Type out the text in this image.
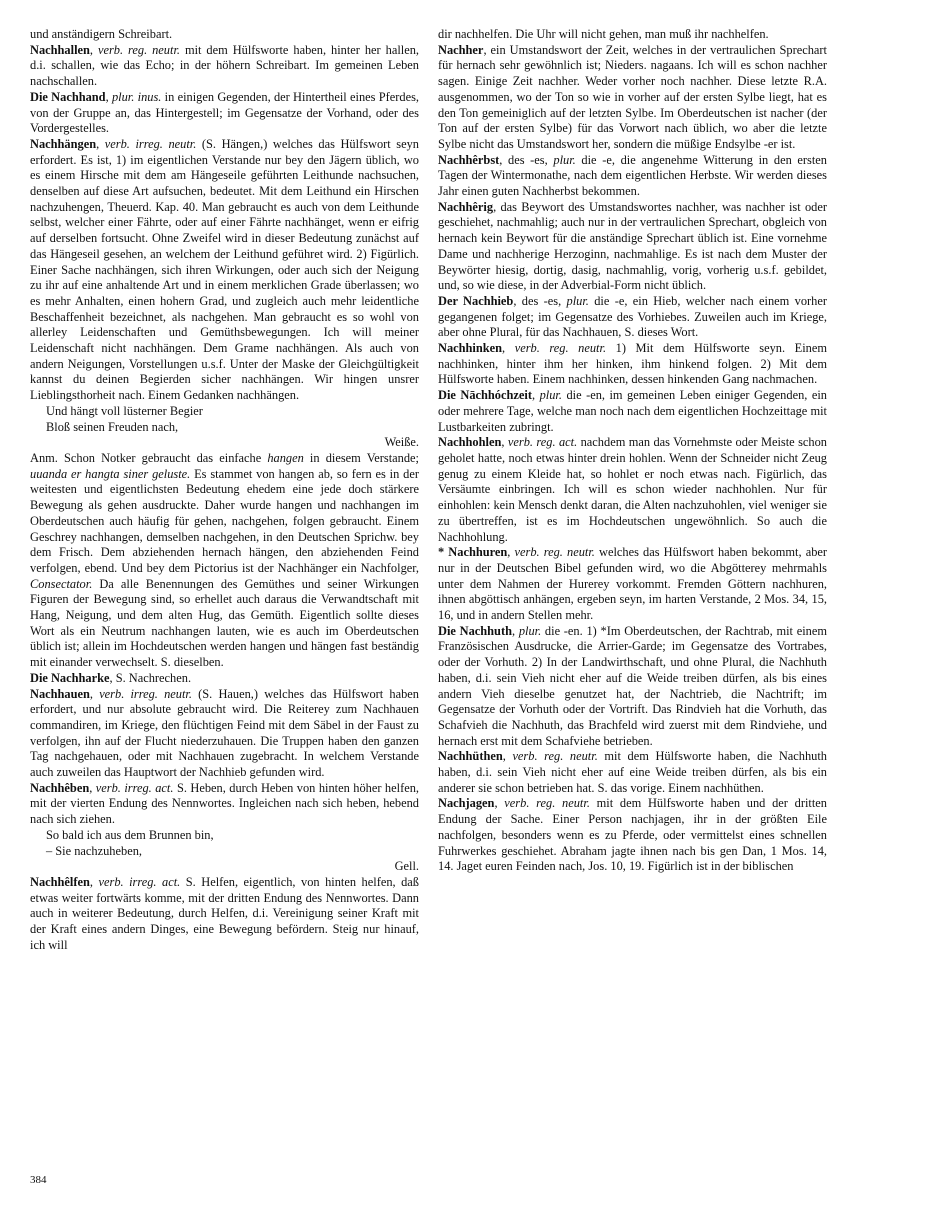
und anständigern Schreibart.

Nachhallen, verb. reg. neutr. mit dem Hülfsworte haben, hinter her hallen, d.i. schallen, wie das Echo; in der höhern Schreibart. Im gemeinen Leben nachschallen.

Die Nachhand, plur. inus. in einigen Gegenden, der Hintertheil eines Pferdes, von der Gruppe an, das Hintergestell; im Gegensatze der Vorhand, oder des Vordergestelles.

Nachhängen, verb. irreg. neutr. (S. Hängen,) welches das Hülfswort seyn erfordert. Es ist, 1) im eigentlichen Verstande nur bey den Jägern üblich, wo es einem Hirsche mit dem am Hängeseile geführten Leithunde nachsuchen, denselben auf diese Art aufsuchen, bedeutet. Mit dem Leithund ein Hirschen nachzuhengen, Theuerd. Kap. 40. Man gebraucht es auch von dem Leithunde selbst, welcher einer Fährte, oder auf einer Fährte nachhänget, wenn er eifrig auf derselben fortsucht. Ohne Zweifel wird in dieser Bedeutung zunächst auf das Hängeseil gesehen, an welchem der Leithund geführet wird. 2) Figürlich. Einer Sache nachhängen, sich ihren Wirkungen, oder auch sich der Neigung zu ihr auf eine anhaltende Art und in einem merklichen Grade überlassen; wo es mehr Anhalten, einen hohern Grad, und zugleich auch mehr leidentliche Beschaffenheit bezeichnet, als nachgehen. Man gebraucht es so wohl von allerley Leidenschaften und Gemüthsbewegungen. Ich will meiner Leidenschaft nicht nachhängen. Dem Grame nachhängen. Als auch von andern Neigungen, Vorstellungen u.s.f. Unter der Maske der Gleichgültigkeit kannst du deinen Begierden sicher nachhängen. Wir hingen unsrer Lieblingsthorheit nach. Einem Gedanken nachhängen.

Und hängt voll lüsterner Begier

Bloß seinen Freuden nach,

Weiße.

Anm. Schon Notker gebraucht das einfache hangen in diesem Verstande; uuanda er hangta siner geluste. Es stammet von hangen ab, so fern es in der weitesten und eigentlichsten Bedeutung ehedem eine jede doch stärkere Bewegung als gehen ausdruckte. Daher wurde hangen und nachhangen im Oberdeutschen auch häufig für gehen, nachgehen, folgen gebraucht. Einem Geschrey nachhangen, demselben nachgehen, in den Deutschen Sprichw. bey dem Frisch. Dem abziehenden hernach hängen, den abziehenden Feind verfolgen, ebend. Und bey dem Pictorius ist der Nachhänger ein Nachfolger, Consectator. Da alle Benennungen des Gemüthes und seiner Wirkungen Figuren der Bewegung sind, so erhellet auch daraus die Verwandtschaft mit Hang, Neigung, und dem alten Hug, das Gemüth. Eigentlich sollte dieses Wort als ein Neutrum nachhangen lauten, wie es auch im Oberdeutschen üblich ist; allein im Hochdeutschen werden hangen und hängen fast beständig mit einander verwechselt. S. dieselben.

Die Nachharke, S. Nachrechen.

Nachhauen, verb. irreg. neutr. (S. Hauen,) welches das Hülfswort haben erfordert, und nur absolute gebraucht wird. Die Reiterey zum Nachhauen commandiren, im Kriege, den flüchtigen Feind mit dem Säbel in der Faust zu verfolgen, ihn auf der Flucht niederzuhauen. Die Truppen haben den ganzen Tag nachgehauen, oder mit Nachhauen zugebracht. In welchem Verstande auch zuweilen das Hauptwort der Nachhieb gefunden wird.

Nachhêben, verb. irreg. act. S. Heben, durch Heben von hinten höher helfen, mit der vierten Endung des Nennwortes. Ingleichen nach sich heben, hebend nach sich ziehen.

So bald ich aus dem Brunnen bin,

– Sie nachzuheben,

Gell.

Nachhêlfen, verb. irreg. act. S. Helfen, eigentlich, von hinten helfen, daß etwas weiter fortwärts komme, mit der dritten Endung des Nennwortes. Dann auch in weiterer Bedeutung, durch Helfen, d.i. Vereinigung seiner Kraft mit der Kraft eines andern Dinges, eine Bewegung befördern. Steig nur hinauf, ich will

dir nachhelfen. Die Uhr will nicht gehen, man muß ihr nachhelfen.

Nachher, ein Umstandswort der Zeit, welches in der vertraulichen Sprechart für hernach sehr gewöhnlich ist; Nieders. nagaans. Ich will es schon nachher sagen. Einige Zeit nachher. Weder vorher noch nachher. Diese letzte R.A. ausgenommen, wo der Ton so wie in vorher auf der ersten Sylbe liegt, hat es den Ton gemeiniglich auf der letzten Sylbe. Im Oberdeutschen ist nacher (der Ton auf der ersten Sylbe) für das Vorwort nach üblich, wo aber die letzte Sylbe nicht das Umstandswort her, sondern die müßige Endsylbe -er ist.

Nachhêrbst, des -es, plur. die -e, die angenehme Witterung in den ersten Tagen der Wintermonathe, nach dem eigentlichen Herbste. Wir werden dieses Jahr einen guten Nachherbst bekommen.

Nachhêrig, das Beywort des Umstandswortes nachher, was nachher ist oder geschiehet, nachmahlig; auch nur in der vertraulichen Sprechart, obgleich von hernach kein Beywort für die anständige Sprechart üblich ist. Eine vornehme Dame und nachherige Herzoginn, nachmahlige. Es ist nach dem Muster der Beywörter hiesig, dortig, dasig, nachmahlig, vorig, vorherig u.s.f. gebildet, und, so wie diese, in der Adverbial-Form nicht üblich.

Der Nachhieb, des -es, plur. die -e, ein Hieb, welcher nach einem vorher gegangenen folget; im Gegensatze des Vorhiebes. Zuweilen auch im Kriege, aber ohne Plural, für das Nachhauen, S. dieses Wort.

Nachhinken, verb. reg. neutr. 1) Mit dem Hülfsworte seyn. Einem nachhinken, hinter ihm her hinken, ihm hinkend folgen. 2) Mit dem Hülfsworte haben. Einem nachhinken, dessen hinkenden Gang nachmachen.

Die Nāchhóchzeit, plur. die -en, im gemeinen Leben einiger Gegenden, ein oder mehrere Tage, welche man noch nach dem eigentlichen Hochzeittage mit Lustbarkeiten zubringt.

Nachhohlen, verb. reg. act. nachdem man das Vornehmste oder Meiste schon geholet hatte, noch etwas hinter drein hohlen. Wenn der Schneider nicht Zeug genug zu einem Kleide hat, so hohlet er noch etwas nach. Figürlich, das Versäumte einbringen. Ich will es schon wieder nachhohlen. Nur für einhohlen: kein Mensch denkt daran, die Alten nachzuhohlen, viel weniger sie zu übertreffen, ist es im Hochdeutschen ungewöhnlich. So auch die Nachhohlung.

* Nachhuren, verb. reg. neutr. welches das Hülfswort haben bekommt, aber nur in der Deutschen Bibel gefunden wird, wo die Abgötterey mehrmahls unter dem Nahmen der Hurerey vorkommt. Fremden Göttern nachhuren, ihnen abgöttisch anhängen, ergeben seyn, im harten Verstande, 2 Mos. 34, 15, 16, und in andern Stellen mehr.

Die Nachhuth, plur. die -en. 1) *Im Oberdeutschen, der Rachtrab, mit einem Französischen Ausdrucke, die Arrier-Garde; im Gegensatze des Vortrabes, oder der Vorhuth. 2) In der Landwirthschaft, und ohne Plural, die Nachhuth haben, d.i. sein Vieh nicht eher auf die Weide treiben dürfen, als bis eines andern Vieh dieselbe genutzet hat, der Nachtrieb, die Nachtrift; im Gegensatze der Vorhuth oder der Vortrift. Das Rindvieh hat die Vorhuth, das Schafvieh die Nachhuth, das Brachfeld wird zuerst mit dem Rindviehe, und hernach erst mit dem Schafviehe betrieben.

Nachhüthen, verb. reg. neutr. mit dem Hülfsworte haben, die Nachhuth haben, d.i. sein Vieh nicht eher auf eine Weide treiben dürfen, als bis ein anderer sie schon betrieben hat. S. das vorige. Einem nachhüthen.

Nachjagen, verb. reg. neutr. mit dem Hülfsworte haben und der dritten Endung der Sache. Einer Person nachjagen, ihr in der größten Eile nachfolgen, besonders wenn es zu Pferde, oder vermittelst eines schnellen Fuhrwerkes geschiehet. Abraham jagte ihnen nach bis gen Dan, 1 Mos. 14, 14. Jaget euren Feinden nach, Jos. 10, 19. Figürlich ist in der biblischen

384
